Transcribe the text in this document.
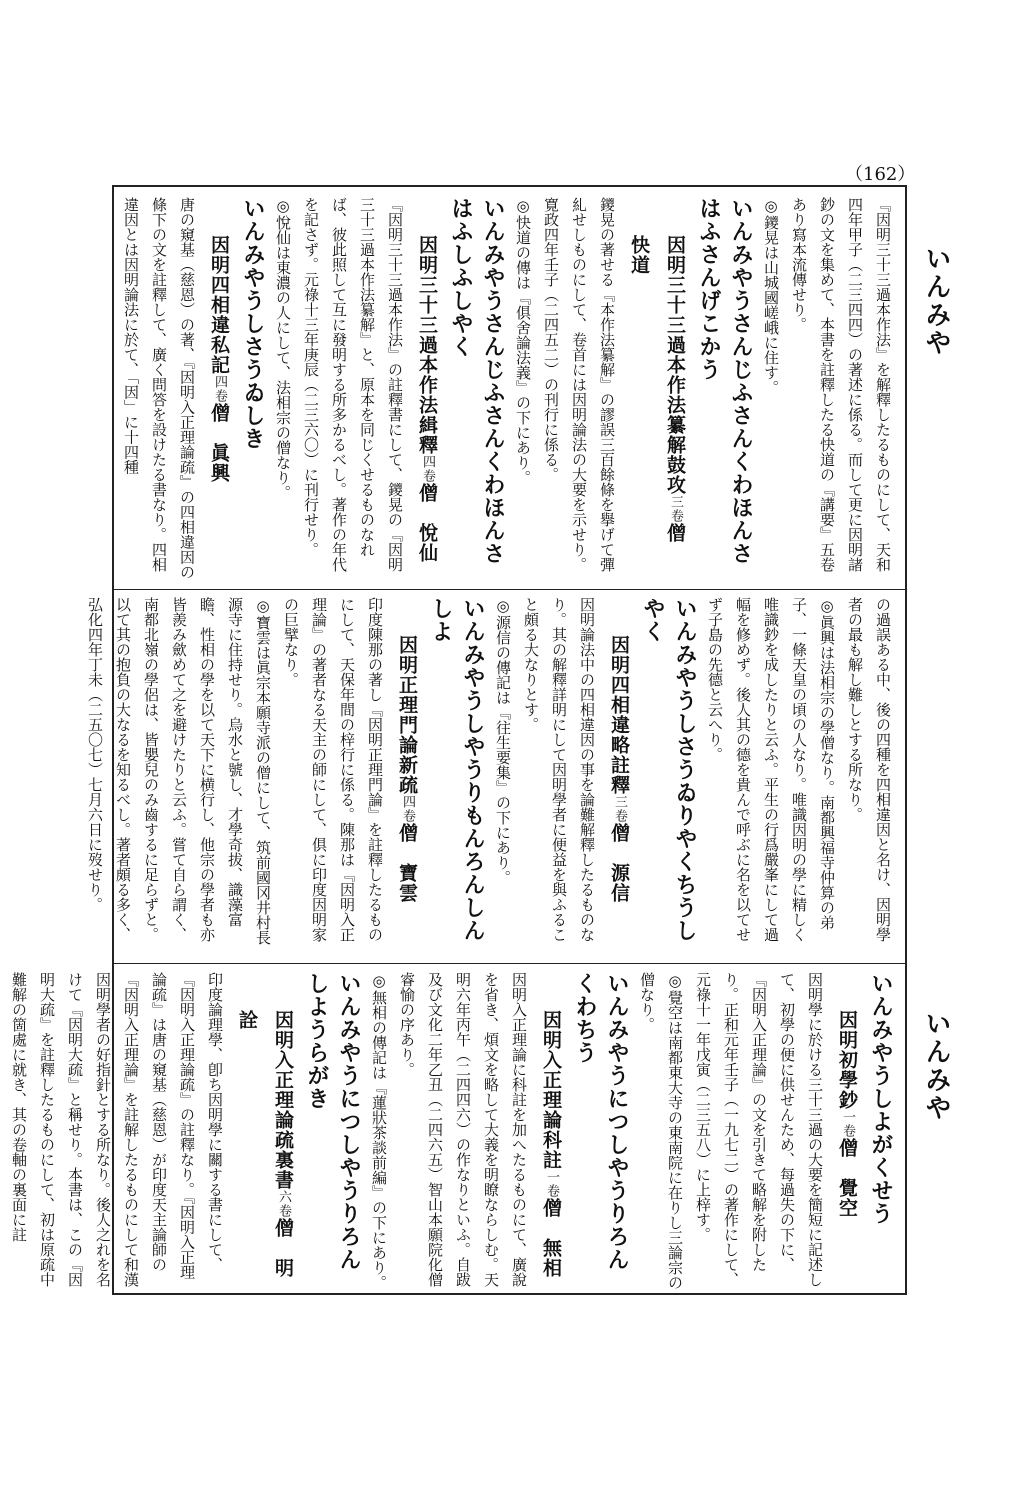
（162）
いんみや
いんみや
『因明三十三過本作法』を解釋したるものにして、天和四年甲子（二三四四）の著述に係る。而して更に因明諸鈔の文を集めて、本書を註釋したる快道の『講要』五卷あり寫本流傳せり。
◎鑁晃は山城國嵯峨に住す。
いんみやうさんじふさんくわほんさはふさんげこかう
因明三十三過本作法纂解鼓攻三卷僧　快道
鑁晃の著せる『本作法纂解』の謬誤三百餘條を擧げて彈糺せしものにして、卷首には因明論法の大要を示せり。寛政四年壬子（二四五二）の刊行に係る。
◎快道の傳は『俱舍論法義』の下にあり。
いんみやうさんじふさんくわほんさはふしふしやく
因明三十三過本作法緝釋四卷僧　悅仙
『因明三十三過本作法』の註釋書にして、鑁晃の『因明三十三過本作法纂解』と、原本を同じくせるものなれば、彼此照して互に發明する所多かるべし。著作の年代を記さず。元祿十三年庚辰（二三六〇）に刊行せり。
◎悅仙は東濃の人にして、法相宗の僧なり。
いんみやうしさうゐしき
因明四相違私記四卷僧　眞興
唐の窺基（慈恩）の著、『因明入正理論疏』の四相違因の條下の文を註釋して、廣く問答を設けたる書なり。四相違因とは因明論法に於て、「因」に十四種
の過誤ある中、後の四種を四相違因と名け、因明學者の最も解し難しとする所なり。
◎眞興は法相宗の學僧なり。南都興福寺仲算の弟子、一條天皇の頃の人なり。唯識因明の學に精しく唯識鈔を成したりと云ふ。平生の行爲嚴峯にして過幅を修めず。後人其の德を貴んで呼ぶに名を以てせず子島の先德と云へり。
いんみやうしさうゐりやくちうしやく
因明四相違略註釋三卷僧　源信
因明論法中の四相違因の事を論難解釋したるものなり。其の解釋詳明にして因明學者に便益を與ふること頗る大なりとす。
◎源信の傳記は『往生要集』の下にあり。
いんみやうしやうりもんろんしんしよ
因明正理門論新疏四卷僧　寶雲
印度陳那の著し『因明正理門論』を註釋したるものにして、天保年間の梓行に係る。陳那は『因明入正理論』の著者なる天主の師にして、俱に印度因明家の巨擘なり。
◎寶雲は眞宗本願寺派の僧にして、筑前國冈井村長源寺に住持せり。烏水と號し、才學奇拔、識藻富瞻、性相の學を以て天下に横行し、他宗の學者も亦皆羨み歛めて之を避けたりと云ふ。嘗て自ら謂く、南都北嶺の學侶は、皆嬰兒のみ齒するに足らずと。以て其の抱負の大なるを知るべし。著者頗る多く、弘化四年丁未（二五〇七）七月六日に歿せり。
いんみやうしよがくせう
因明初學鈔一卷僧　覺空
因明學に於ける三十三過の大要を簡短に記述して、初學の便に供せんため、每過失の下に、『因明入正理論』の文を引きて略解を附したり。正和元年壬子（一九七二）の著作にして、元祿十一年戊寅（二三五八）に上梓す。
◎覺空は南都東大寺の東南院に在りし三論宗の僧なり。
いんみやうにつしやうりろんくわちう
因明入正理論科註一卷僧　無相
因明入正理論に科註を加へたるものにて、廣說を省き、煩文を略して大義を明瞭ならしむ。天明六年丙午（二四四六）の作なりといふ。自跋及び文化二年乙丑（二四六五）智山本願院化僧睿愉の序あり。
◎無相の傳記は『蓮狀茶談前編』の下にあり。
いんみやうにつしやうりろんしようらがき
因明入正理論疏裏書六卷僧　明詮
印度論理學、卽ち因明學に關する書にして、『因明入正理論疏』の註釋なり。『因明入正理論疏』は唐の窺基（慈恩）が印度天主論師の『因明入正理論』を註解したるものにして和漢因明學者の好指針とする所なり。後人之れを名けて『因明大疏』と稱せり。本書は、この『因明大疏』を註釋したるものにして、初は原疏中難解の箇處に就き、其の卷軸の裏面に註
